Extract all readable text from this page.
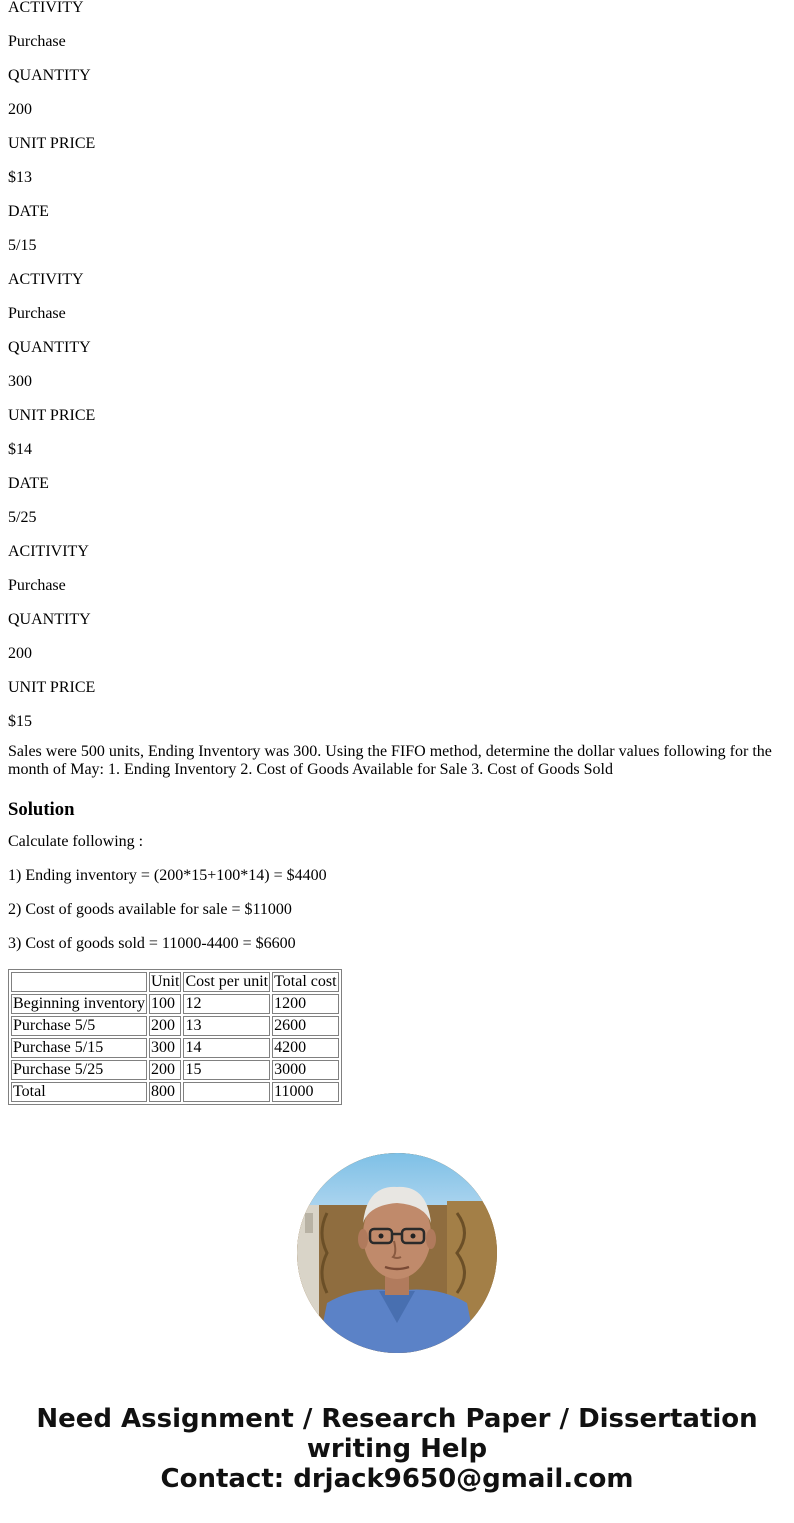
ACTIVITY

Purchase

QUANTITY

200

UNIT PRICE

$13

DATE

5/15

ACTIVITY

Purchase

QUANTITY

300

UNIT PRICE

$14

DATE

5/25

ACITIVITY

Purchase

QUANTITY

200

UNIT PRICE

$15

Sales were 500 units, Ending Inventory was 300. Using the FIFO method, determine the dollar values following for the month of May: 1. Ending Inventory 2. Cost of Goods Available for Sale 3. Cost of Goods Sold

Solution

Calculate following :

1) Ending inventory = (200*15+100*14) = $4400

2) Cost of goods available for sale = $11000

3) Cost of goods sold = 11000-4400 = $6600

	Unit	Cost per unit	Total cost
Beginning inventory	100	12	1200
Purchase 5/5	200	13	2600
Purchase 5/15	300	14	4200
Purchase 5/25	200	15	3000
Total	800		11000
Need Assignment / Research Paper / Dissertation
writing Help
Contact: drjack9650@gmail.com
